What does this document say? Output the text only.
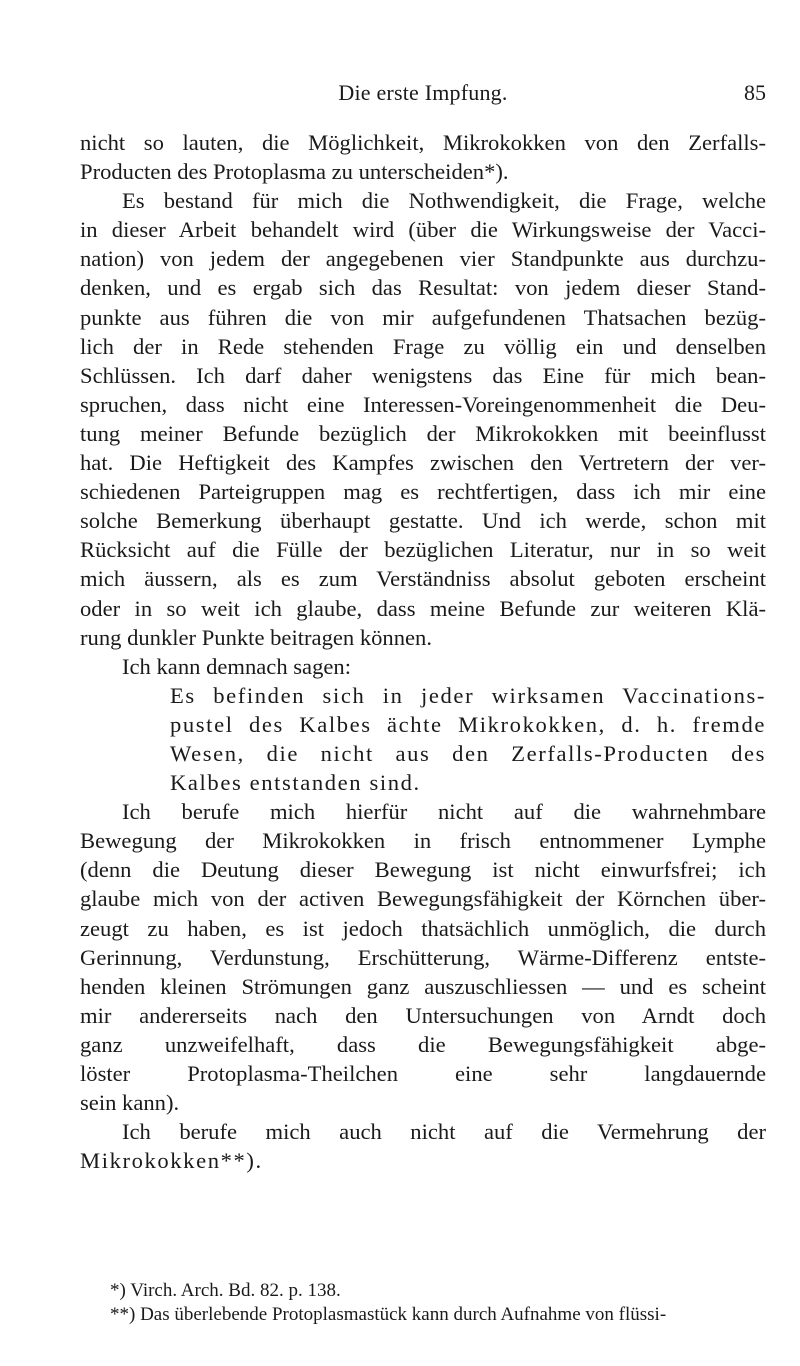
Die erste Impfung.	85
nicht so lauten, die Möglichkeit, Mikrokokken von den Zerfalls-
Producten des Protoplasma zu unterscheiden*).
Es bestand für mich die Nothwendigkeit, die Frage, welche
in dieser Arbeit behandelt wird (über die Wirkungsweise der Vacci-
nation) von jedem der angegebenen vier Standpunkte aus durchzu-
denken, und es ergab sich das Resultat: von jedem dieser Stand-
punkte aus führen die von mir aufgefundenen Thatsachen bezüg-
lich der in Rede stehenden Frage zu völlig ein und denselben
Schlüssen. Ich darf daher wenigstens das Eine für mich bean-
spruchen, dass nicht eine Interessen-Voreingenommenheit die Deu-
tung meiner Befunde bezüglich der Mikrokokken mit beeinflusst
hat. Die Heftigkeit des Kampfes zwischen den Vertretern der ver-
schiedenen Parteigruppen mag es rechtfertigen, dass ich mir eine
solche Bemerkung überhaupt gestatte. Und ich werde, schon mit
Rücksicht auf die Fülle der bezüglichen Literatur, nur in so weit
mich äussern, als es zum Verständniss absolut geboten erscheint
oder in so weit ich glaube, dass meine Befunde zur weiteren Klä-
rung dunkler Punkte beitragen können.
Ich kann demnach sagen:
Es befinden sich in jeder wirksamen Vaccinations-
pustel des Kalbes ächte Mikrokokken, d. h. fremde
Wesen, die nicht aus den Zerfalls-Producten des
Kalbes entstanden sind.
Ich berufe mich hierfür nicht auf die wahrnehmbare
Bewegung der Mikrokokken in frisch entnommener Lymphe
(denn die Deutung dieser Bewegung ist nicht einwurfsfrei; ich
glaube mich von der activen Bewegungsfähigkeit der Körnchen über-
zeugt zu haben, es ist jedoch thatsächlich unmöglich, die durch
Gerinnung, Verdunstung, Erschütterung, Wärme-Differenz entste-
henden kleinen Strömungen ganz auszuschliessen — und es scheint
mir andererseits nach den Untersuchungen von Arndt doch
ganz unzweifelhaft, dass die Bewegungsfähigkeit abge-
löster Protoplasma-Theilchen eine sehr langdauernde
sein kann).
Ich berufe mich auch nicht auf die Vermehrung der
Mikrokokken**).
*) Virch. Arch. Bd. 82. p. 138.
**) Das überlebende Protoplasmastück kann durch Aufnahme von flüssi-
